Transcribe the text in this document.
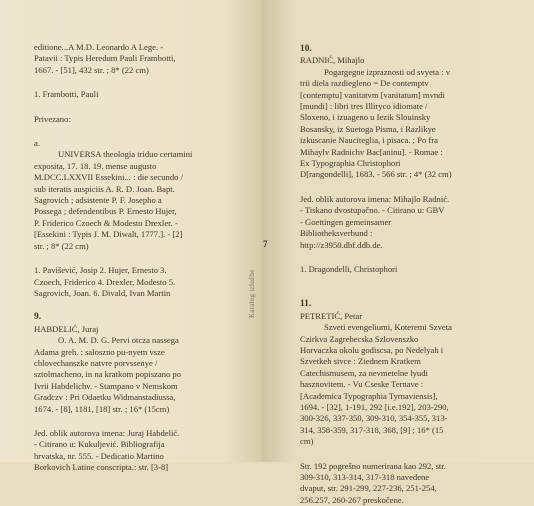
7
Katalog izložbe
editione...A M.D. Leonardo A Lege. -
Patavii : Typis Heredum Pauli Frambotti,
1667. - [51], 432 str. ; 8* (22 cm)
1. Frambotti, Pauli
Privezano:
a.
UNIVERSA theologia triduo certamini
exposita, 17. 18. 19. mense augusto
M.DCC.LXXVII Essekini... : die secundo /
sub iteratis auspiciis A. R. D. Joan. Bapt.
Sagrovich ; adsistente P. F. Josepho a
Possega ; defendentibus P. Ernesto Hujer,
P. Friderico Czoech & Modesto Drexler. -
[Essekini : Typis J. M. Diwalt, 1777.]. - [2]
str. ; 8* (22 cm)
1. Pavišević, Josip 2. Hujer, Ernesto 3.
Czoech, Friderico 4. Drexler, Modesto 5.
Sagrovich, Joan. 6. Divald, Ivan Martin
9.
HABDELIĆ, Juraj
O. A. M. D. G. Pervi otcza nassega
Adama greh. : saloszno pu-nyem vsze
chlovechanszke natvre porvssenye /
sztolmacheno, in na kratkom popiszano po
Ivrii Habdelichv. - Stampano v Nemskom
Gradczv : Pri Odaetku Widmanstadiussa,
1674. - [8], 1181, [18] str. ; 16* (15cm)
Jed. oblik autorova imena: Juraj Habdelić.
- Citirano u: Kukuljević. Bibliografija
hrvatska, nr. 555. - Dedicatio Martino
Borkovich Latine conscripta.: str. [3-8]
10.
RADNIĆ, Mihajlo
Pogargegne izpraznosti od svyeta : v
trii diela razdiegleno = De contemptv
[contemptu] vanitatvm [vanitatum] mvndi
[mundi] : libri tres Illiryco idiomate /
Sloxeno, i izuageno u Iezik Slouinsky
Bosansky, iz Suetoga Pisma, i Razlikye
izkuscanie Nauciteglia, i pisaca. ; Po fra
Mihaylv Radnichv Bac[aninu]. - Romae :
Ex Typographia Christophori
D[rangondelli], 1683. - 566 str. ; 4* (32 cm)
Jed. oblik autorova imena: Mihajlo Radnić.
- Tiskano dvostupačno. - Citirano u: GBV
- Goettingen gemeinsamer
Bibliotheksverbund :
http://z3950.dbf.ddb.de.
1. Dragondelli, Christophori
11.
PETRETIĆ, Petar
Szveti evengeliumi, Koteremi Szveta
Czirkva Zagrebecska Szlovenszko
Horvaczka okolu godiscsa, po Nedelyah i
Szvetkeh sivce : Ziednem Kratkem
Catechismusem, za nevmetelne lyudi
hasznovitem. - Vu Cseske Ternave :
[Academica Typographia Tyrnaviensis],
1694. - [32], 1-191, 292 [i.e.192], 203-290,
300-326, 337-350, 309-310, 354-355, 313-
314, 358-359, 317-318, 368, [9] ; 16* (15
cm)
Str. 192 pogrešno numerirana kao 292, str.
309-310, 313-314, 317-318 navedene
dvaput, str. 291-299, 227-236, 251-254,
256.257, 260-267 preskočene.
